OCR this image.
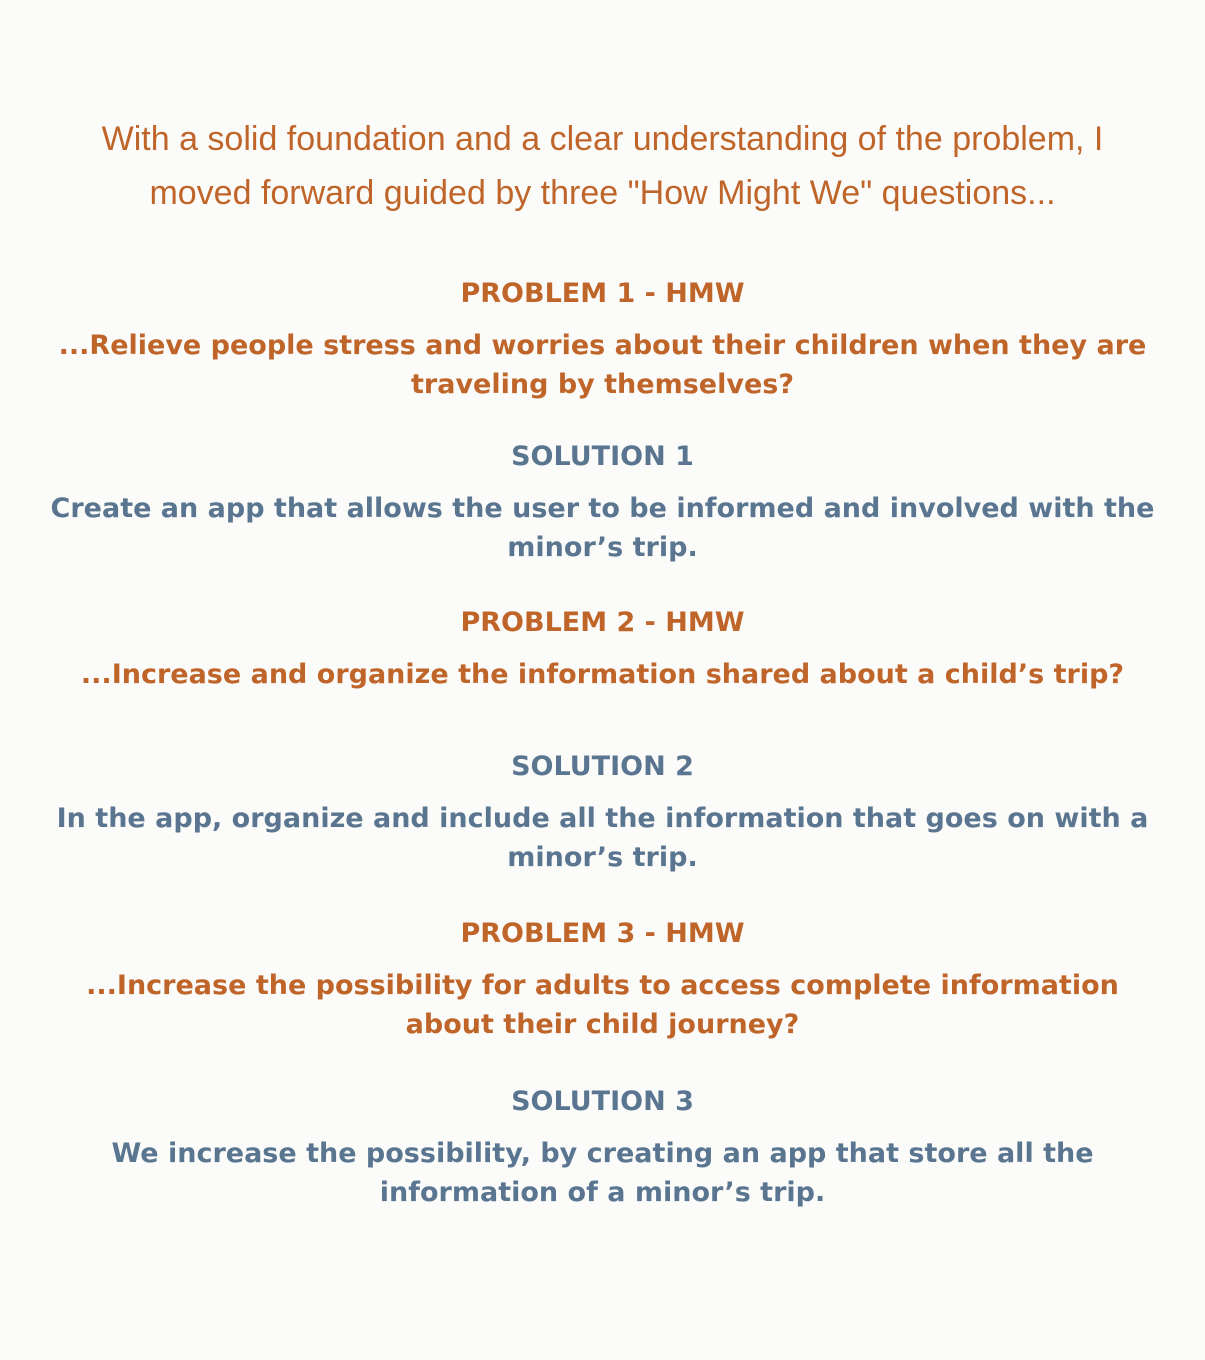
With a solid foundation and a clear understanding of the problem, I moved forward guided by three "How Might We" questions...

PROBLEM 1 - HMW
...Relieve people stress and worries about their children when they are traveling by themselves?
SOLUTION 1
Create an app that allows the user to be informed and involved with the minor’s trip.
PROBLEM 2 - HMW
...Increase and organize the information shared about a child’s trip?
SOLUTION 2
In the app, organize and include all the information that goes on with a minor’s trip.
PROBLEM 3 - HMW
...Increase the possibility for adults to access complete information about their child journey?
SOLUTION 3
We increase the possibility, by creating an app that store all the information of a minor’s trip.
